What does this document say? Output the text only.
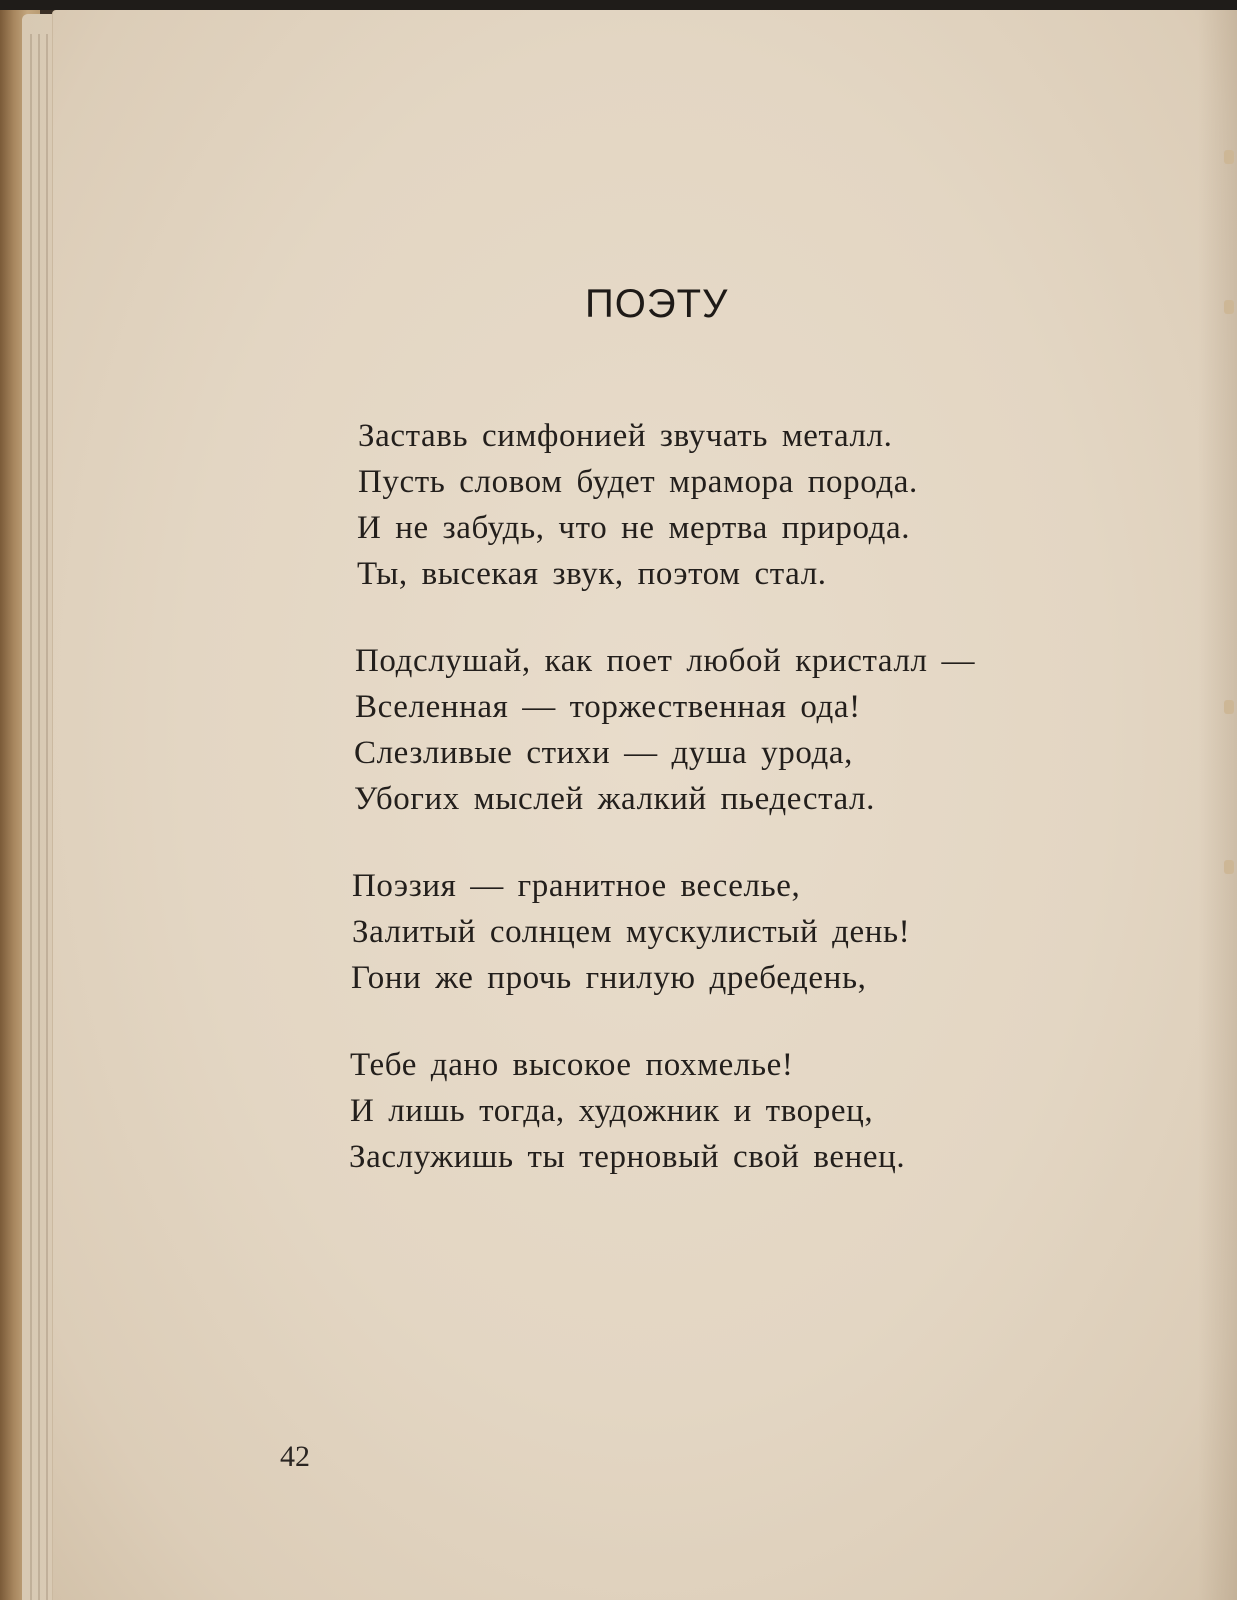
ПОЭТУ
Заставь симфонией звучать металл.
Пусть словом будет мрамора порода.
И не забудь, что не мертва природа.
Ты, высекая звук, поэтом стал.
Подслушай, как поет любой кристалл —
Вселенная — торжественная ода!
Слезливые стихи — душа урода,
Убогих мыслей жалкий пьедестал.
Поэзия — гранитное веселье,
Залитый солнцем мускулистый день!
Гони же прочь гнилую дребедень,
Тебе дано высокое похмелье!
И лишь тогда, художник и творец,
Заслужишь ты терновый свой венец.
42
